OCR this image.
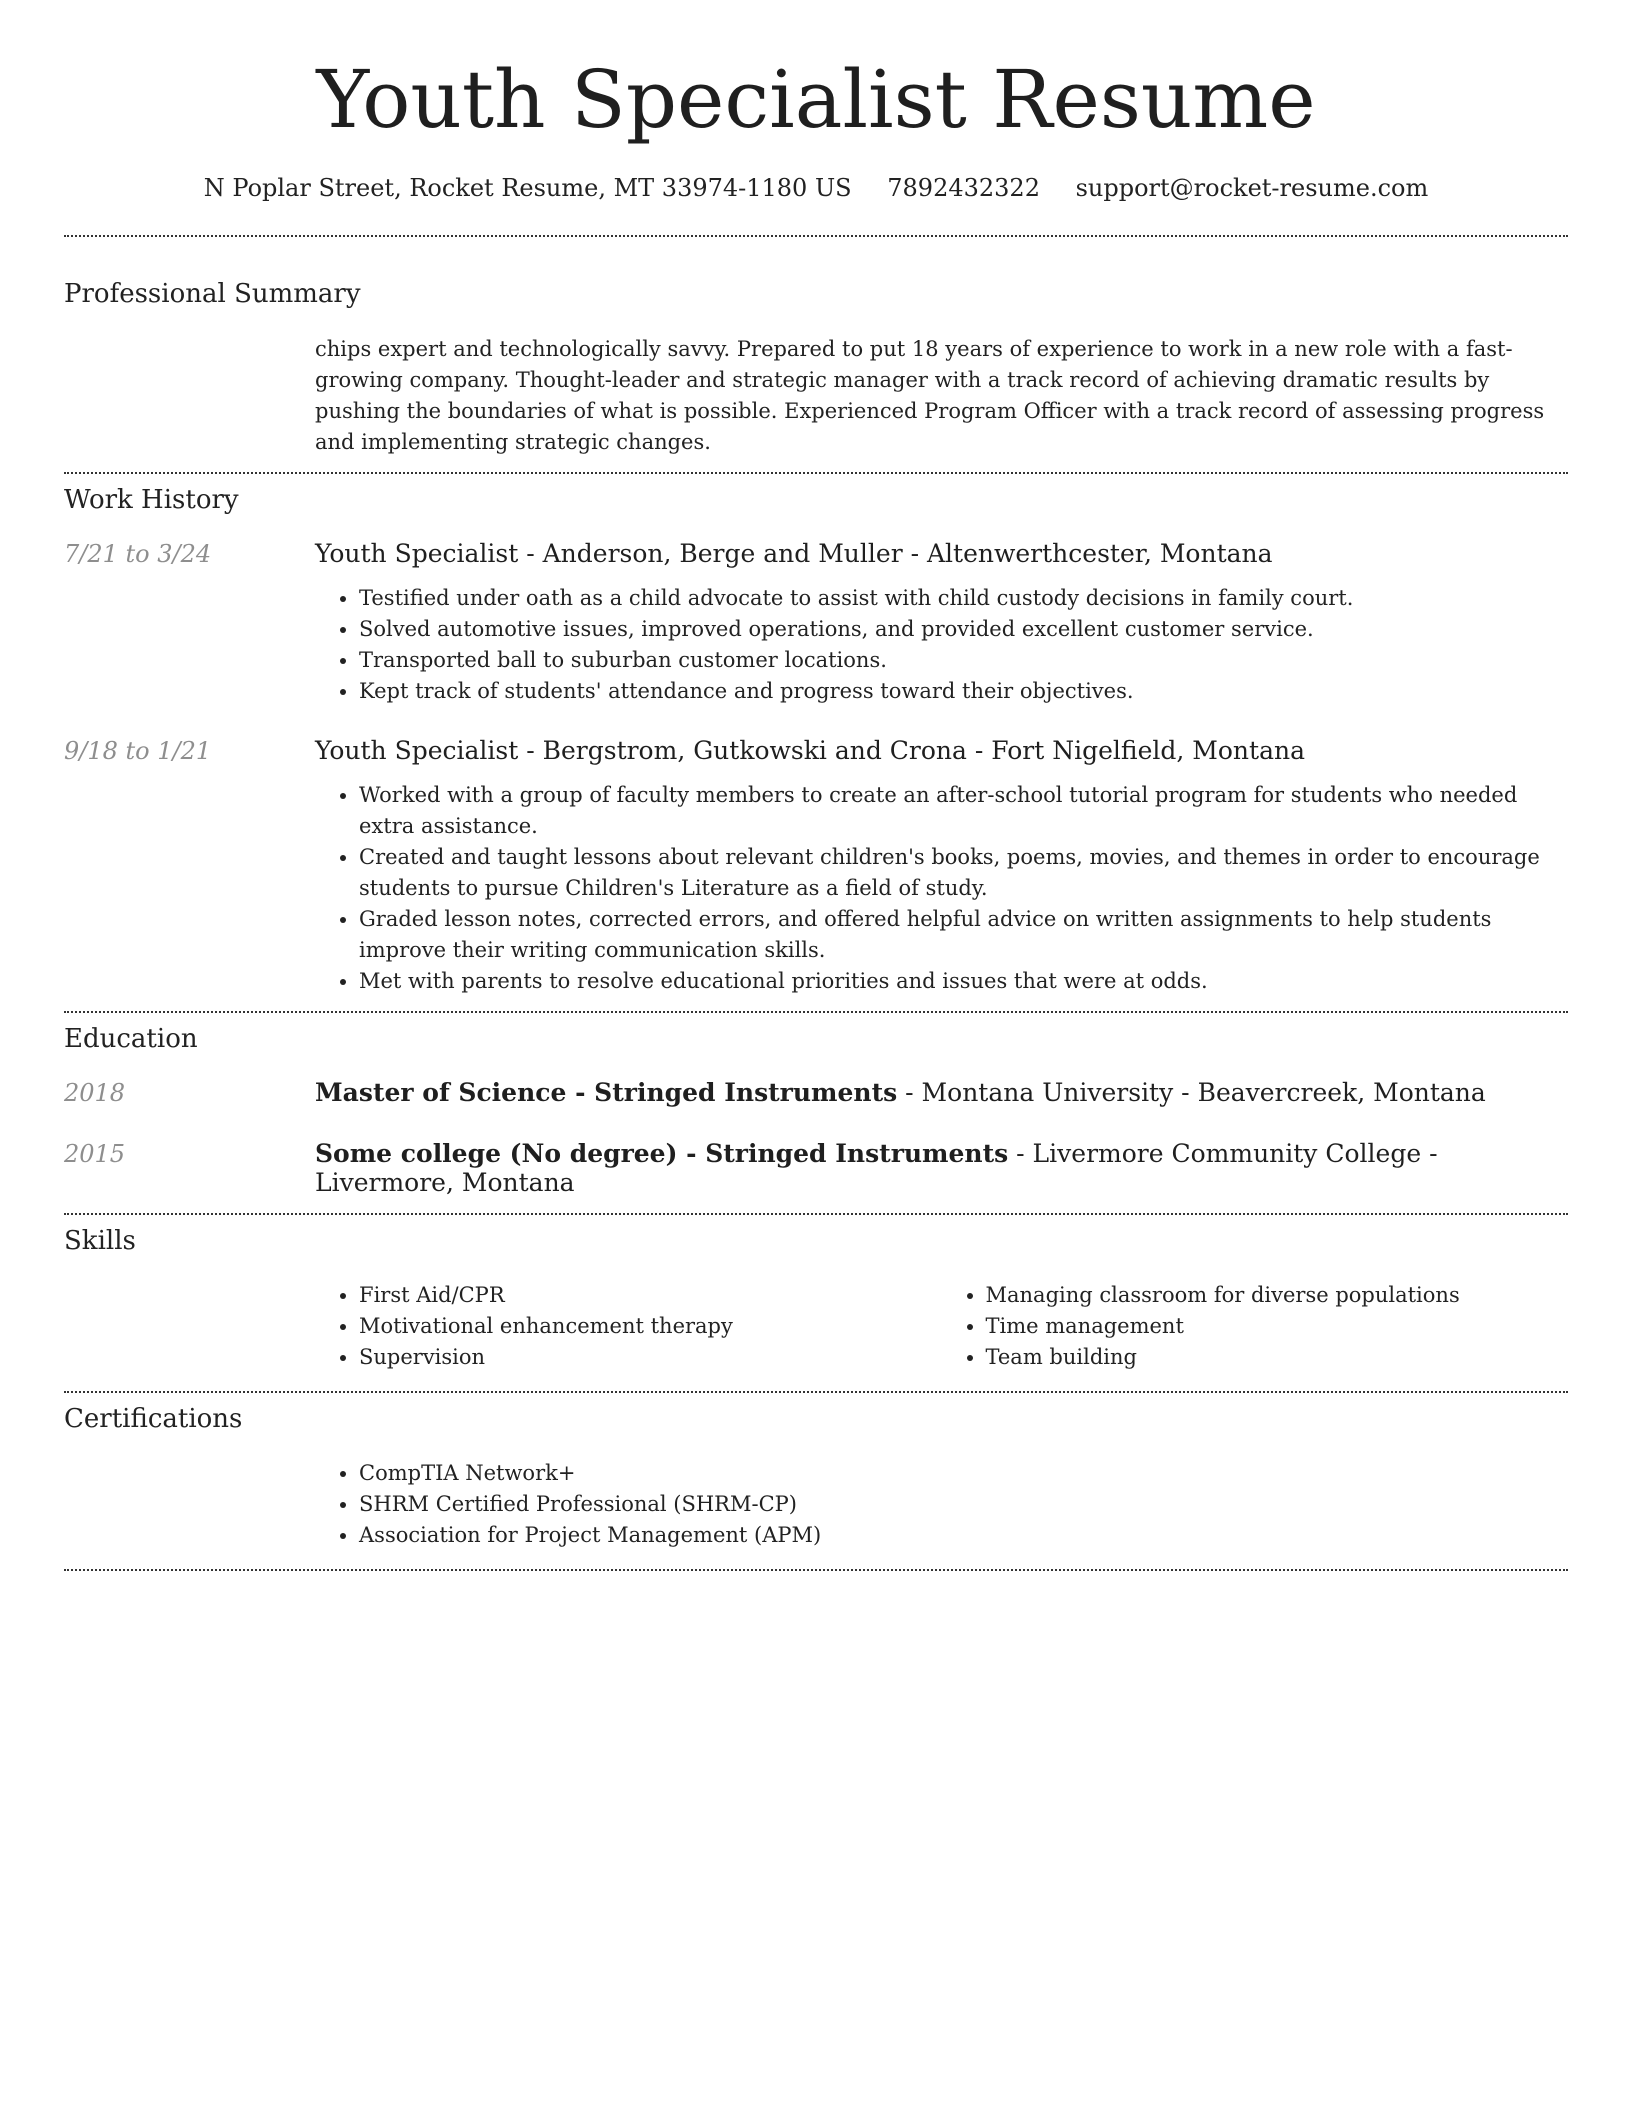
Youth Specialist Resume
N Poplar Street, Rocket Resume, MT 33974-1180 US 7892432322 support@rocket-resume.com
Professional Summary
chips expert and technologically savvy. Prepared to put 18 years of experience to work in a new role with a fast-growing company. Thought-leader and strategic manager with a track record of achieving dramatic results by pushing the boundaries of what is possible. Experienced Program Officer with a track record of assessing progress and implementing strategic changes.
Work History
7/21 to 3/24	Youth Specialist - Anderson, Berge and Muller - Altenwerthcester, Montana
• Testified under oath as a child advocate to assist with child custody decisions in family court.
• Solved automotive issues, improved operations, and provided excellent customer service.
• Transported ball to suburban customer locations.
• Kept track of students' attendance and progress toward their objectives.
9/18 to 1/21	Youth Specialist - Bergstrom, Gutkowski and Crona - Fort Nigelfield, Montana
• Worked with a group of faculty members to create an after-school tutorial program for students who needed extra assistance.
• Created and taught lessons about relevant children's books, poems, movies, and themes in order to encourage students to pursue Children's Literature as a field of study.
• Graded lesson notes, corrected errors, and offered helpful advice on written assignments to help students improve their writing communication skills.
• Met with parents to resolve educational priorities and issues that were at odds.
Education
2018	Master of Science - Stringed Instruments - Montana University - Beavercreek, Montana
2015	Some college (No degree) - Stringed Instruments - Livermore Community College - Livermore, Montana
Skills
• First Aid/CPR
• Motivational enhancement therapy
• Supervision
• Managing classroom for diverse populations
• Time management
• Team building
Certifications
• CompTIA Network+
• SHRM Certified Professional (SHRM-CP)
• Association for Project Management (APM)
